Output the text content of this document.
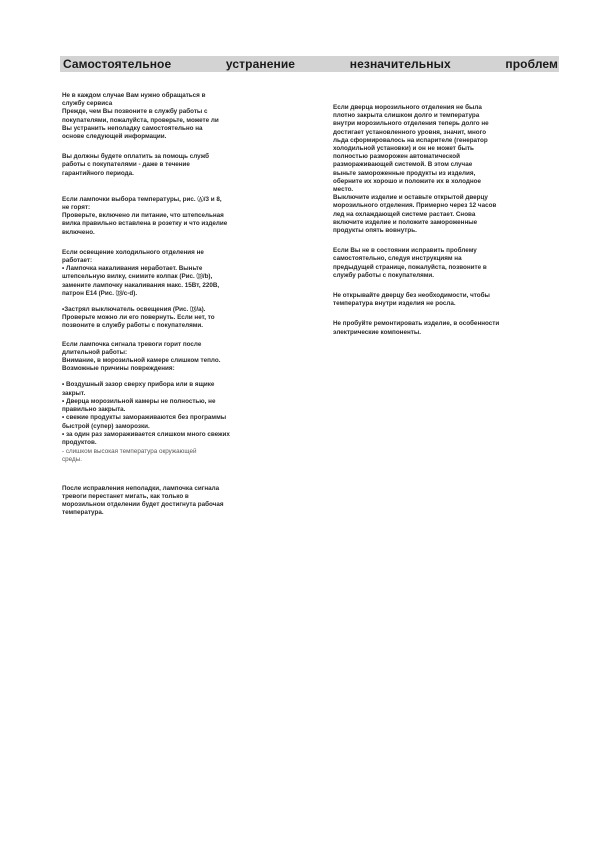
Самостоятельное устранение незначительных проблем
Не в каждом случае Вам нужно обращаться в
службу сервиса
Прежде, чем Вы позвоните в службу работы с
покупателями, пожалуйста, проверьте, можете ли
Вы устранить неполадку самостоятельно на
основе следующей информации.
Вы должны будете оплатить за помощь служб
работы с покупателями - даже в течение
гарантийного периода.
Если лампочки выбора температуры, рис. Ⓐ/3 и 8,
не горят:
Проверьте, включено ли питание, что штепсельная
вилка правильно вставлена в розетку и что изделие
включено.
Если освещение холодильного отделения не
работает:
• Лампочка накаливания неработает. Выньте
штепсельную вилку, снимите колпак (Рис. Ⓓ/b),
замените лампочку накаливания макс. 15Вт, 220В,
патрон Е14 (Рис. Ⓓ/c-d).
•Застрял выключатель освещения (Рис. Ⓓ/a).
Проверьте можно ли его повернуть. Если нет, то
позвоните в службу работы с покупателями.
Если лампочка сигнала тревоги горит после
длительной работы:
Внимание, в морозильной камере слишком тепло.
Возможные причины повреждения:
• Воздушный зазор сверху прибора или в ящике
закрыт.
• Дверца морозильной камеры не полностью, не
правильно закрыта.
• свежие продукты замораживаются без программы
быстрой (супер) заморозки.
• за один раз замораживается слишком много свежих
продуктов.
- слишком высокая температура окружающей
среды.
После исправления неполадки, лампочка сигнала
тревоги перестанет мигать, как только в
морозильном отделении будет достигнута рабочая
температура.
Если дверца морозильного отделения не была
плотно закрыта слишком долго и температура
внутри морозильного отделения теперь долго не
достигает установленного уровня, значит, много
льда сформировалось на испарителе (генератор
холодильной установки) и он не может быть
полностью разморожен автоматической
размораживающей системой. В этом случае
выньте замороженные продукты из изделия,
оберните их хорошо и положите их в холодное
место.
Выключите изделие и оставьте открытой дверцу
морозильного отделения. Примерно через 12 часов
лед на охлаждающей системе растает. Снова
включите изделие и положите замороженные
продукты опять вовнутрь.
Если Вы не в состоянии исправить проблему
самостоятельно, следуя инструкциям на
предыдущей странице, пожалуйста, позвоните в
службу работы с покупателями.
Не открывайте дверцу без необходимости, чтобы
температура внутри изделия не росла.
Не пробуйте ремонтировать изделие, в особенности
электрические компоненты.
